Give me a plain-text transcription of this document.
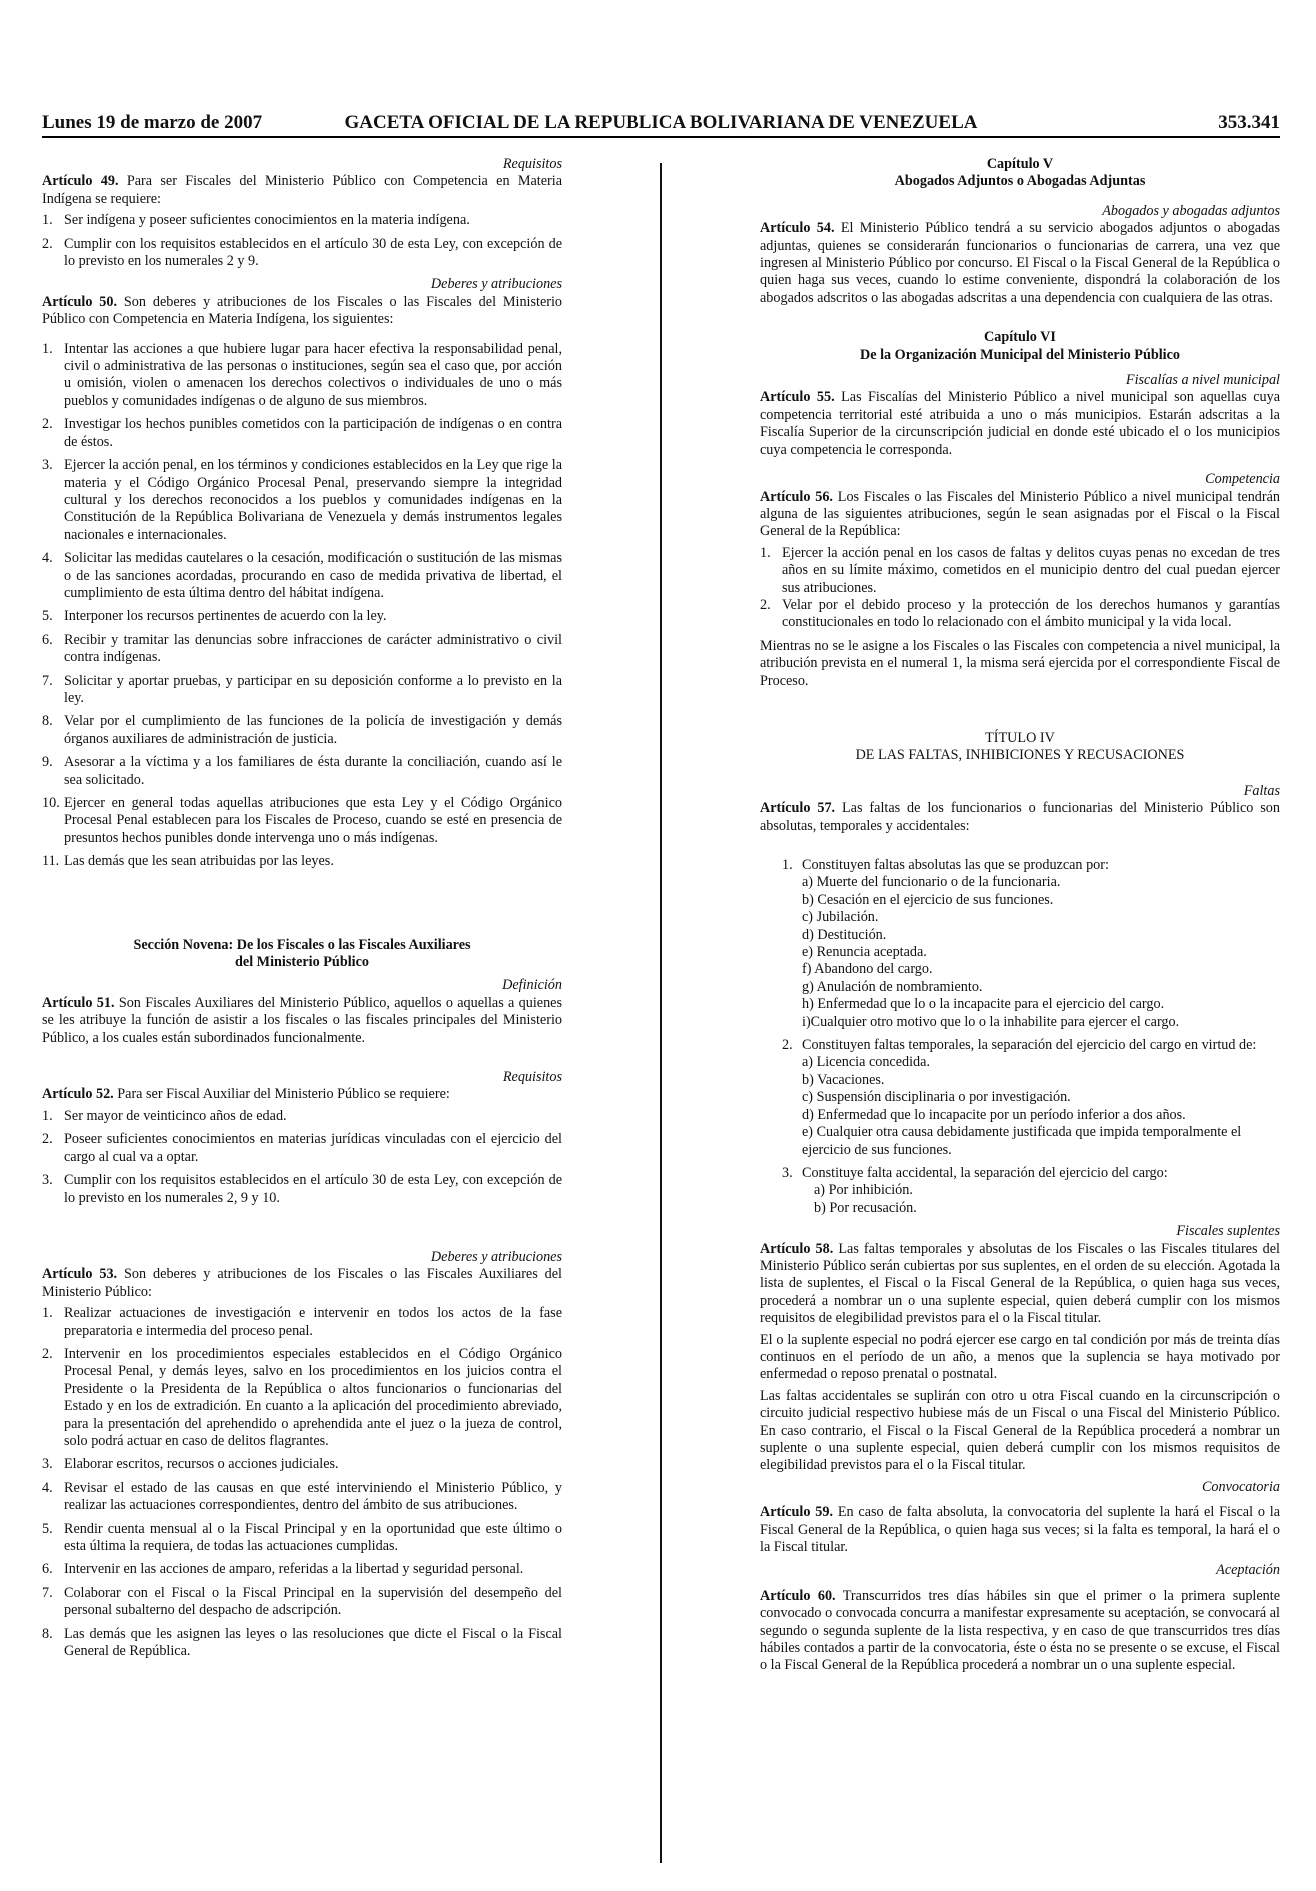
GACETA OFICIAL DE LA REPUBLICA BOLIVARIANA DE VENEZUELA
Lunes 19 de marzo de 2007	353.341

Requisitos

Artículo 49. Para ser Fiscales del Ministerio Público con Competencia en Materia Indígena se requiere:

1. Ser indígena y poseer suficientes conocimientos en la materia indígena.
2. Cumplir con los requisitos establecidos en el artículo 30 de esta Ley, con excepción de lo previsto en los numerales 2 y 9.

Deberes y atribuciones

Artículo 50. Son deberes y atribuciones de los Fiscales o las Fiscales del Ministerio Público con Competencia en Materia Indígena, los siguientes:

1. Intentar las acciones a que hubiere lugar para hacer efectiva la responsabilidad penal, civil o administrativa de las personas o instituciones, según sea el caso que, por acción u omisión, violen o amenacen los derechos colectivos o individuales de uno o más pueblos y comunidades indígenas o de alguno de sus miembros.
2. Investigar los hechos punibles cometidos con la participación de indígenas o en contra de éstos.
3. Ejercer la acción penal, en los términos y condiciones establecidos en la Ley que rige la materia y el Código Orgánico Procesal Penal, preservando siempre la integridad cultural y los derechos reconocidos a los pueblos y comunidades indígenas en la Constitución de la República Bolivariana de Venezuela y demás instrumentos legales nacionales e internacionales.
4. Solicitar las medidas cautelares o la cesación, modificación o sustitución de las mismas o de las sanciones acordadas, procurando en caso de medida privativa de libertad, el cumplimiento de esta última dentro del hábitat indígena.
5. Interponer los recursos pertinentes de acuerdo con la ley.
6. Recibir y tramitar las denuncias sobre infracciones de carácter administrativo o civil contra indígenas.
7. Solicitar y aportar pruebas, y participar en su deposición conforme a lo previsto en la ley.
8. Velar por el cumplimiento de las funciones de la policía de investigación y demás órganos auxiliares de administración de justicia.
9. Asesorar a la víctima y a los familiares de ésta durante la conciliación, cuando así le sea solicitado.
10. Ejercer en general todas aquellas atribuciones que esta Ley y el Código Orgánico Procesal Penal establecen para los Fiscales de Proceso, cuando se esté en presencia de presuntos hechos punibles donde intervenga uno o más indígenas.
11. Las demás que les sean atribuidas por las leyes.

Sección Novena: De los Fiscales o las Fiscales Auxiliares

del Ministerio Público

Definición

Artículo 51. Son Fiscales Auxiliares del Ministerio Público, aquellos o aquellas a quienes se les atribuye la función de asistir a los fiscales o las fiscales principales del Ministerio Público, a los cuales están subordinados funcionalmente.

Requisitos

Artículo 52. Para ser Fiscal Auxiliar del Ministerio Público se requiere:

1. Ser mayor de veinticinco años de edad.
2. Poseer suficientes conocimientos en materias jurídicas vinculadas con el ejercicio del cargo al cual va a optar.
3. Cumplir con los requisitos establecidos en el artículo 30 de esta Ley, con excepción de lo previsto en los numerales 2, 9 y 10.

Deberes y atribuciones

Artículo 53. Son deberes y atribuciones de los Fiscales o las Fiscales Auxiliares del Ministerio Público:

1. Realizar actuaciones de investigación e intervenir en todos los actos de la fase preparatoria e intermedia del proceso penal.
2. Intervenir en los procedimientos especiales establecidos en el Código Orgánico Procesal Penal, y demás leyes, salvo en los procedimientos en los juicios contra el Presidente o la Presidenta de la República o altos funcionarios o funcionarias del Estado y en los de extradición. En cuanto a la aplicación del procedimiento abreviado, para la presentación del aprehendido o aprehendida ante el juez o la jueza de control, solo podrá actuar en caso de delitos flagrantes.
3. Elaborar escritos, recursos o acciones judiciales.
4. Revisar el estado de las causas en que esté interviniendo el Ministerio Público, y realizar las actuaciones correspondientes, dentro del ámbito de sus atribuciones.
5. Rendir cuenta mensual al o la Fiscal Principal y en la oportunidad que este último o esta última la requiera, de todas las actuaciones cumplidas.
6. Intervenir en las acciones de amparo, referidas a la libertad y seguridad personal.
7. Colaborar con el Fiscal o la Fiscal Principal en la supervisión del desempeño del personal subalterno del despacho de adscripción.
8. Las demás que les asignen las leyes o las resoluciones que dicte el Fiscal o la Fiscal General de República.

Capítulo V

Abogados Adjuntos o Abogadas Adjuntas

Abogados y abogadas adjuntos

Artículo 54. El Ministerio Público tendrá a su servicio abogados adjuntos o abogadas adjuntas, quienes se considerarán funcionarios o funcionarias de carrera, una vez que ingresen al Ministerio Público por concurso. El Fiscal o la Fiscal General de la República o quien haga sus veces, cuando lo estime conveniente, dispondrá la colaboración de los abogados adscritos o las abogadas adscritas a una dependencia con cualquiera de las otras.

Capítulo VI

De la Organización Municipal del Ministerio Público

Fiscalías a nivel municipal

Artículo 55. Las Fiscalías del Ministerio Público a nivel municipal son aquellas cuya competencia territorial esté atribuida a uno o más municipios. Estarán adscritas a la Fiscalía Superior de la circunscripción judicial en donde esté ubicado el o los municipios cuya competencia le corresponda.

Competencia

Artículo 56. Los Fiscales o las Fiscales del Ministerio Público a nivel municipal tendrán alguna de las siguientes atribuciones, según le sean asignadas por el Fiscal o la Fiscal General de la República:

1. Ejercer la acción penal en los casos de faltas y delitos cuyas penas no excedan de tres años en su límite máximo, cometidos en el municipio dentro del cual puedan ejercer sus atribuciones.
2. Velar por el debido proceso y la protección de los derechos humanos y garantías constitucionales en todo lo relacionado con el ámbito municipal y la vida local.

Mientras no se le asigne a los Fiscales o las Fiscales con competencia a nivel municipal, la atribución prevista en el numeral 1, la misma será ejercida por el correspondiente Fiscal de Proceso.

TÍTULO IV

DE LAS FALTAS, INHIBICIONES Y RECUSACIONES

Faltas

Artículo 57. Las faltas de los funcionarios o funcionarias del Ministerio Público son absolutas, temporales y accidentales:

1. Constituyen faltas absolutas las que se produzcan por:
a) Muerte del funcionario o de la funcionaria.
b) Cesación en el ejercicio de sus funciones.
c) Jubilación.
d) Destitución.
e) Renuncia aceptada.
f) Abandono del cargo.
g) Anulación de nombramiento.
h) Enfermedad que lo o la incapacite para el ejercicio del cargo.
i)Cualquier otro motivo que lo o la inhabilite para ejercer el cargo.
2. Constituyen faltas temporales, la separación del ejercicio del cargo en virtud de:
a) Licencia concedida.
b) Vacaciones.
c) Suspensión disciplinaria o por investigación.
d) Enfermedad que lo incapacite por un período inferior a dos años.
e) Cualquier otra causa debidamente justificada que impida temporalmente el ejercicio de sus funciones.
3. Constituye falta accidental, la separación del ejercicio del cargo:
a) Por inhibición.
b) Por recusación.

Fiscales suplentes

Artículo 58. Las faltas temporales y absolutas de los Fiscales o las Fiscales titulares del Ministerio Público serán cubiertas por sus suplentes, en el orden de su elección. Agotada la lista de suplentes, el Fiscal o la Fiscal General de la República, o quien haga sus veces, procederá a nombrar un o una suplente especial, quien deberá cumplir con los mismos requisitos de elegibilidad previstos para el o la Fiscal titular.

El o la suplente especial no podrá ejercer ese cargo en tal condición por más de treinta días continuos en el período de un año, a menos que la suplencia se haya motivado por enfermedad o reposo prenatal o postnatal.

Las faltas accidentales se suplirán con otro u otra Fiscal cuando en la circunscripción o circuito judicial respectivo hubiese más de un Fiscal o una Fiscal del Ministerio Público. En caso contrario, el Fiscal o la Fiscal General de la República procederá a nombrar un suplente o una suplente especial, quien deberá cumplir con los mismos requisitos de elegibilidad previstos para el o la Fiscal titular.

Convocatoria

Artículo 59. En caso de falta absoluta, la convocatoria del suplente la hará el Fiscal o la Fiscal General de la República, o quien haga sus veces; si la falta es temporal, la hará el o la Fiscal titular.

Aceptación

Artículo 60. Transcurridos tres días hábiles sin que el primer o la primera suplente convocado o convocada concurra a manifestar expresamente su aceptación, se convocará al segundo o segunda suplente de la lista respectiva, y en caso de que transcurridos tres días hábiles contados a partir de la convocatoria, éste o ésta no se presente o se excuse, el Fiscal o la Fiscal General de la República procederá a nombrar un o una suplente especial.
